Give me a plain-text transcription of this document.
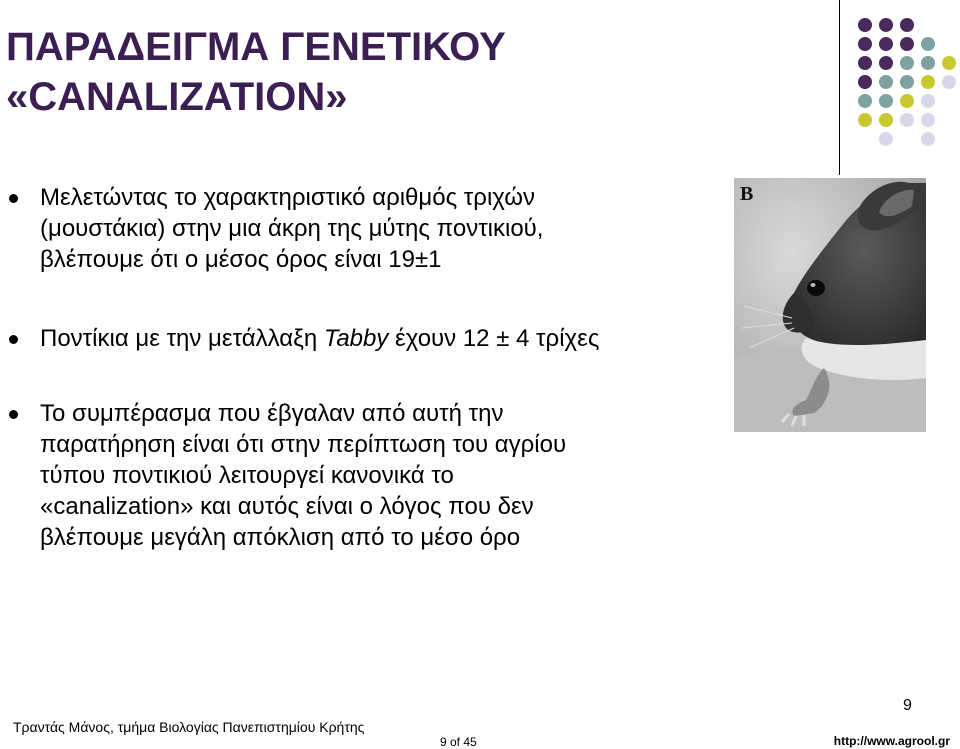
ΠΑΡΑΔΕΙΓΜΑ ΓΕΝΕΤΙΚΟΥ
«CANALIZATION»
Μελετώντας το χαρακτηριστικό αριθμός τριχών
(μουστάκια) στην μια άκρη της μύτης ποντικιού,
βλέπουμε ότι ο μέσος όρος είναι 19±1
Ποντίκια με την μετάλλαξη Tabby έχουν 12 ± 4 τρίχες
Το συμπέρασμα που έβγαλαν από αυτή την
παρατήρηση είναι ότι στην περίπτωση του αγρίου
τύπου ποντικιού λειτουργεί κανονικά το
«canalization» και αυτός είναι ο λόγος που δεν
βλέπουμε μεγάλη απόκλιση από το μέσο όρο
B
9
Τραντάς Μάνος, τμήμα Βιολογίας Πανεπιστημίου Κρήτης
9 of 45	http://www.agrool.gr
